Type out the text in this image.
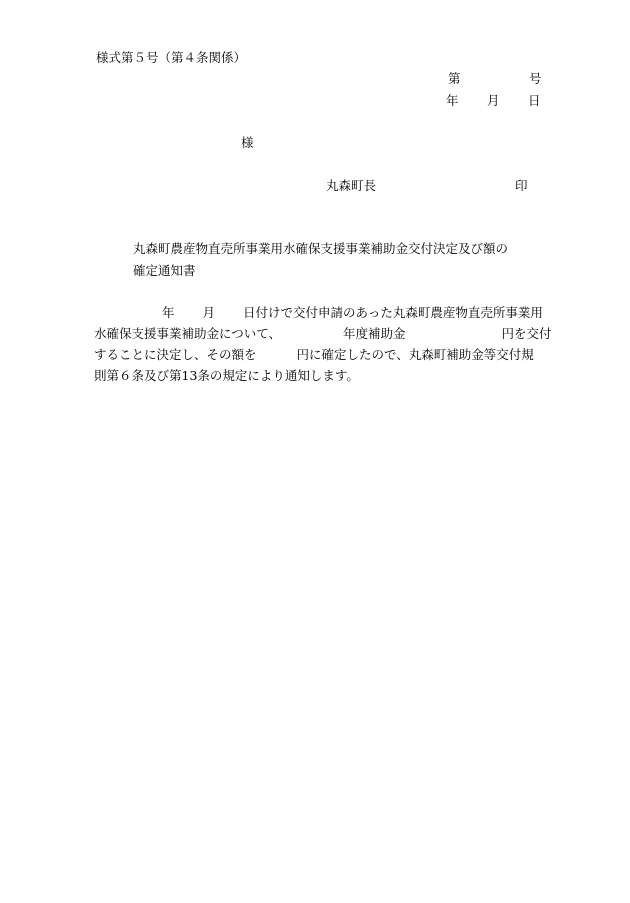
様式第５号（第４条関係）
第	号
年 月 日
様
丸森町長	印
丸森町農産物直売所事業用水確保支援事業補助金交付決定及び額の
確定通知書
年 月 日付けで交付申請のあった丸森町農産物直売所事業用
水確保支援事業補助金について、	年度補助金	円を交付
することに決定し、その額を	円に確定したので、丸森町補助金等交付規
則第６条及び第13条の規定により通知します。
